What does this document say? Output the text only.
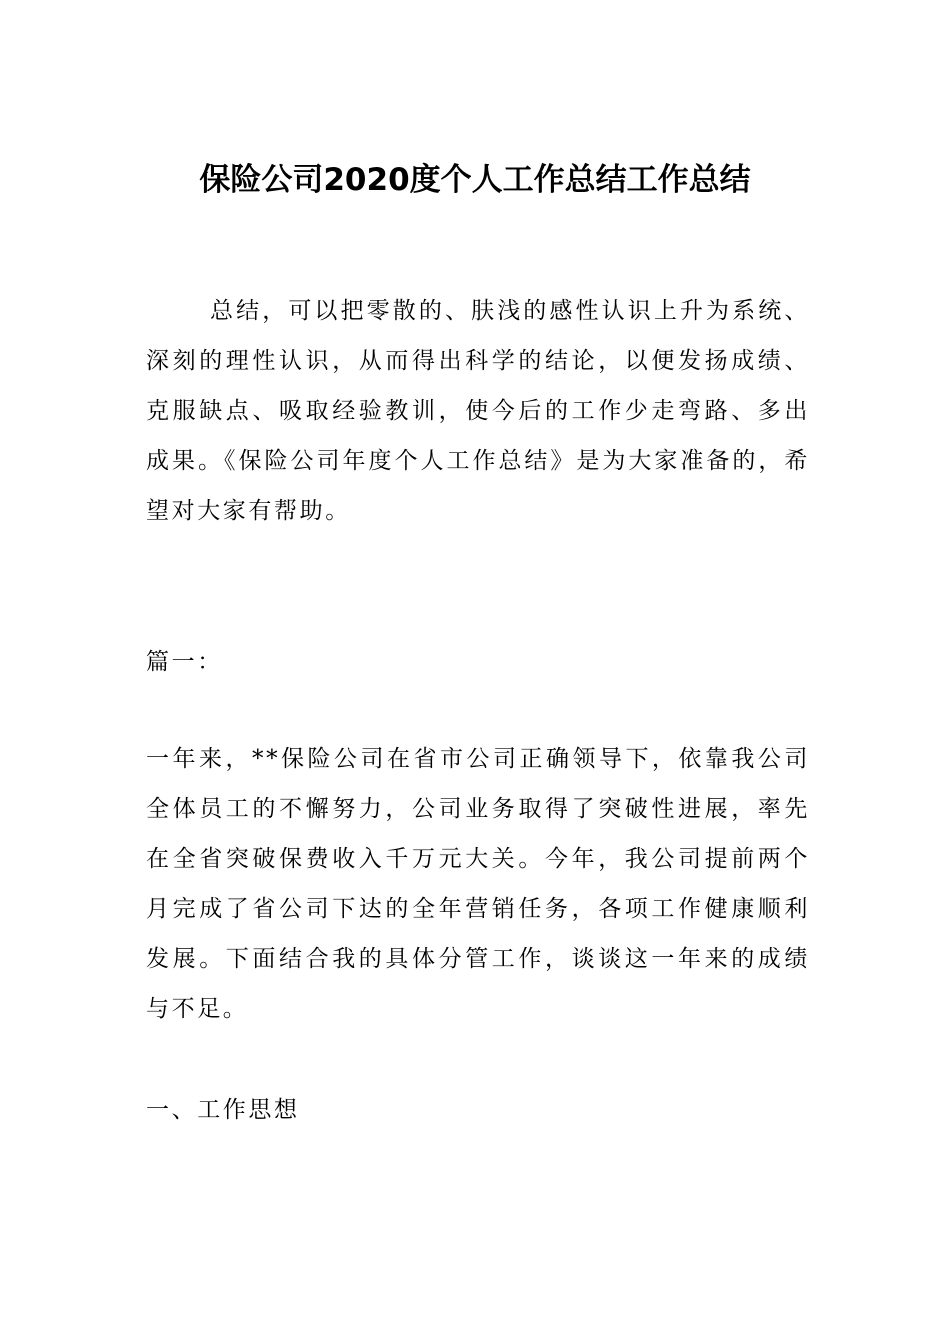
保险公司2020度个人工作总结工作总结

总结，可以把零散的、肤浅的感性认识上升为系统、深刻的理性认识，从而得出科学的结论，以便发扬成绩、克服缺点、吸取经验教训，使今后的工作少走弯路、多出成果。《保险公司年度个人工作总结》是为大家准备的，希望对大家有帮助。

篇一：

一年来，**保险公司在省市公司正确领导下，依靠我公司全体员工的不懈努力，公司业务取得了突破性进展，率先在全省突破保费收入千万元大关。今年，我公司提前两个月完成了省公司下达的全年营销任务，各项工作健康顺利发展。下面结合我的具体分管工作，谈谈这一年来的成绩与不足。

一、工作思想
